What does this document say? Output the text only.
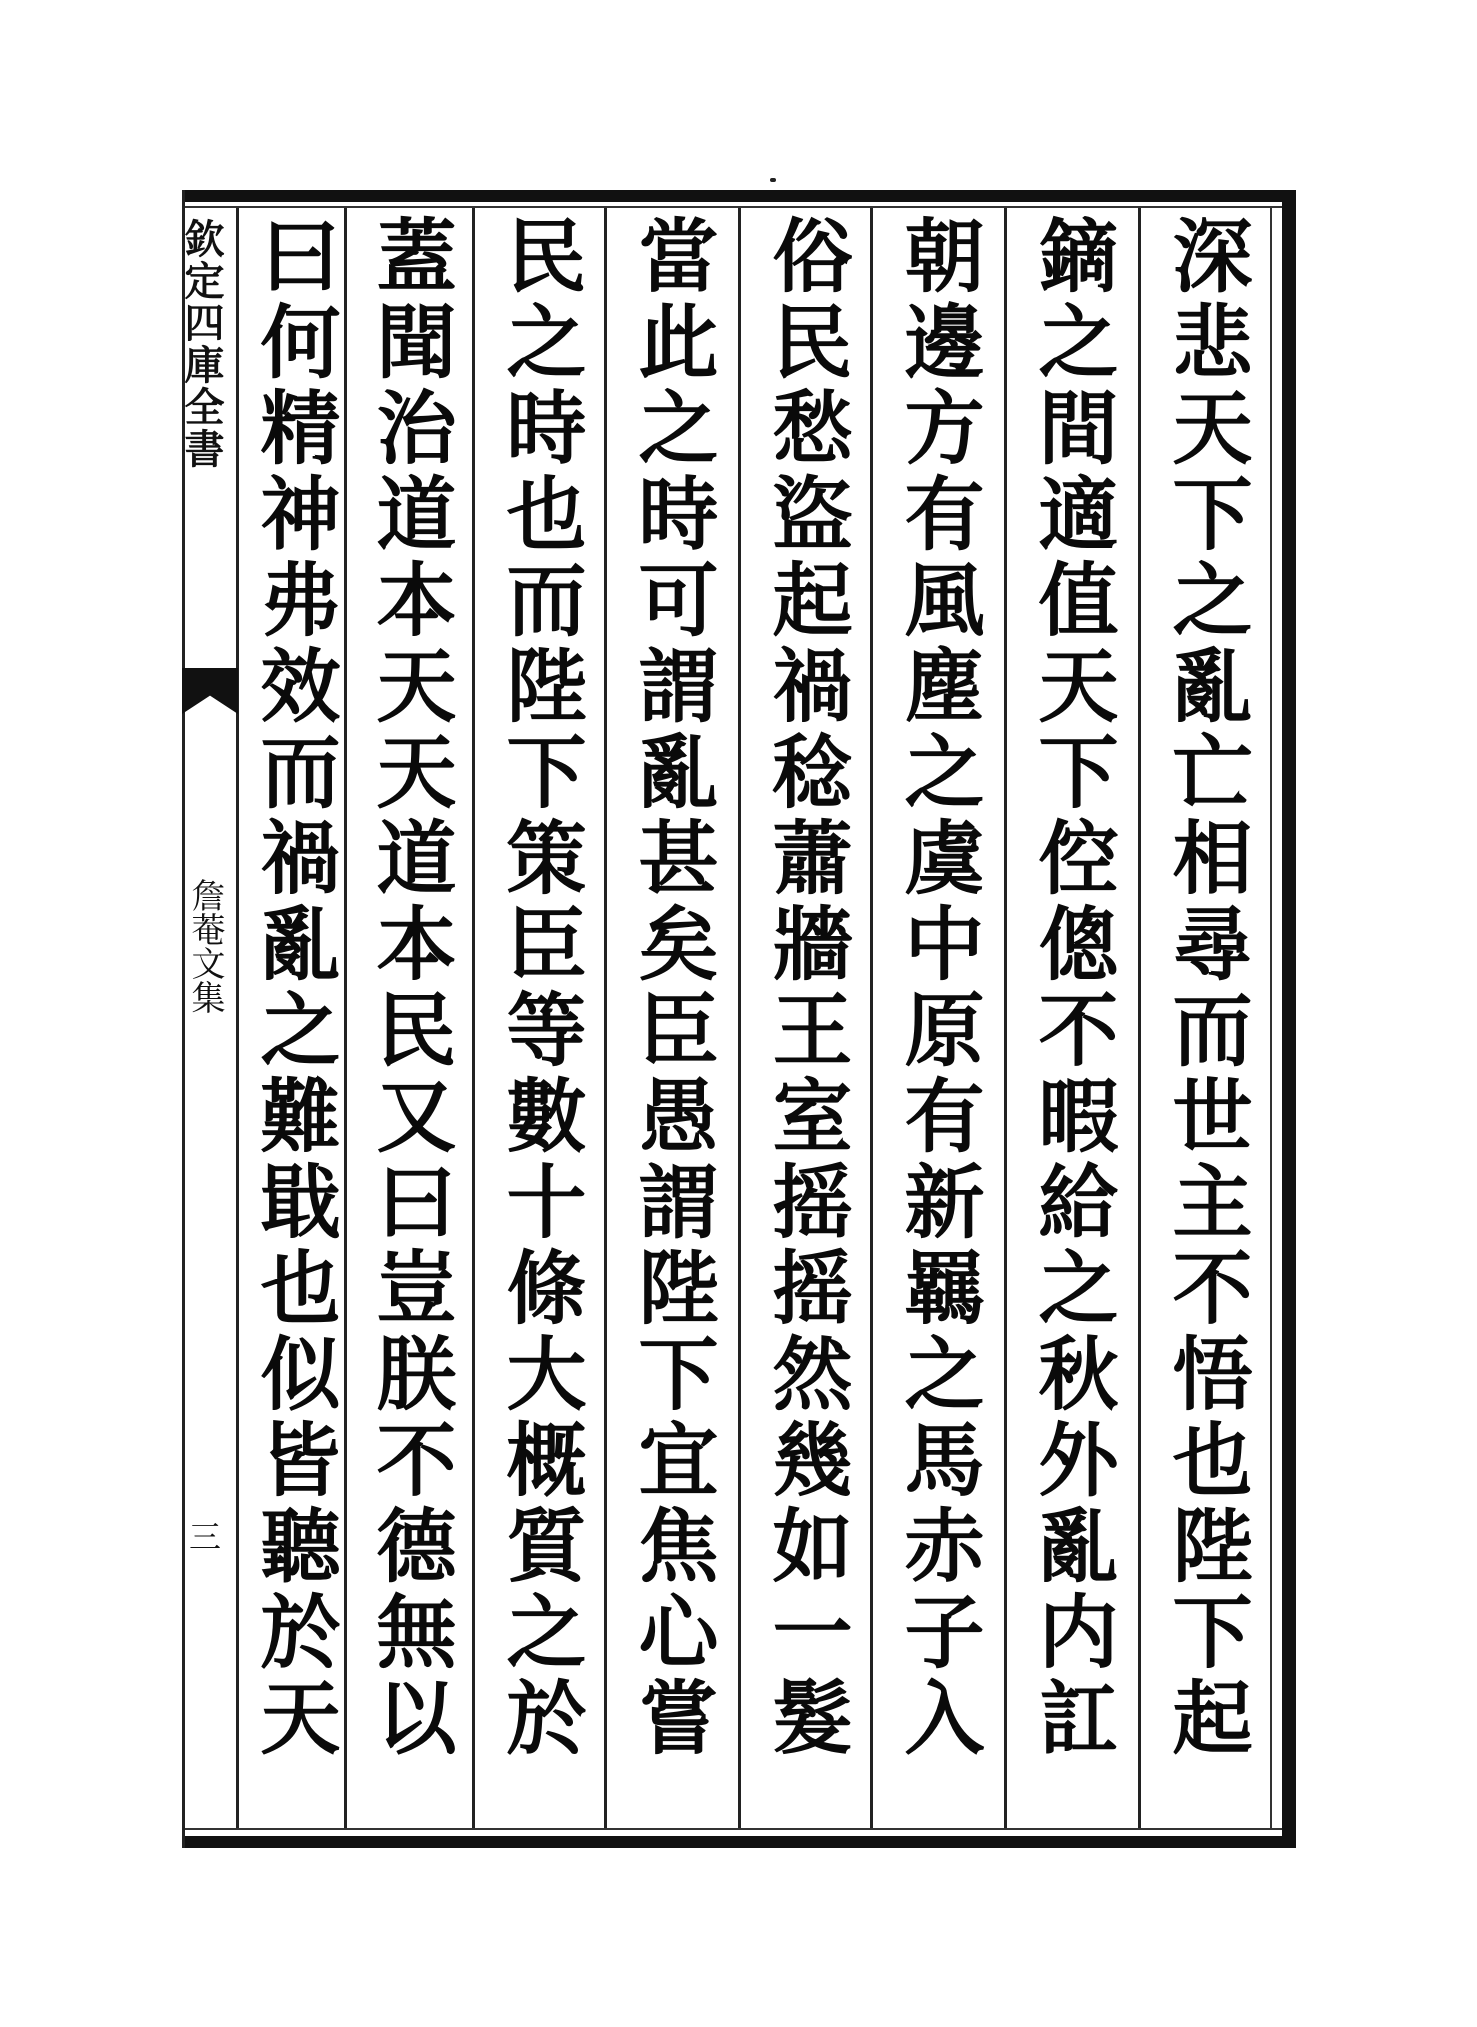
欽定四庫全書
詹菴文集
三
深悲天下之亂亡相尋而世主不悟也陛下起
鏑之間適值天下倥傯不暇給之秋外亂内訌
朝邊方有風塵之虞中原有新羈之馬赤子入
俗民愁盜起禍稔蕭牆王室摇摇然幾如一髮
當此之時可謂亂甚矣臣愚謂陛下宜焦心嘗
民之時也而陛下策臣等數十條大概質之於
蓋聞治道本天天道本民又曰豈朕不德無以
曰何精神弗效而禍亂之難戢也似皆聽於天
